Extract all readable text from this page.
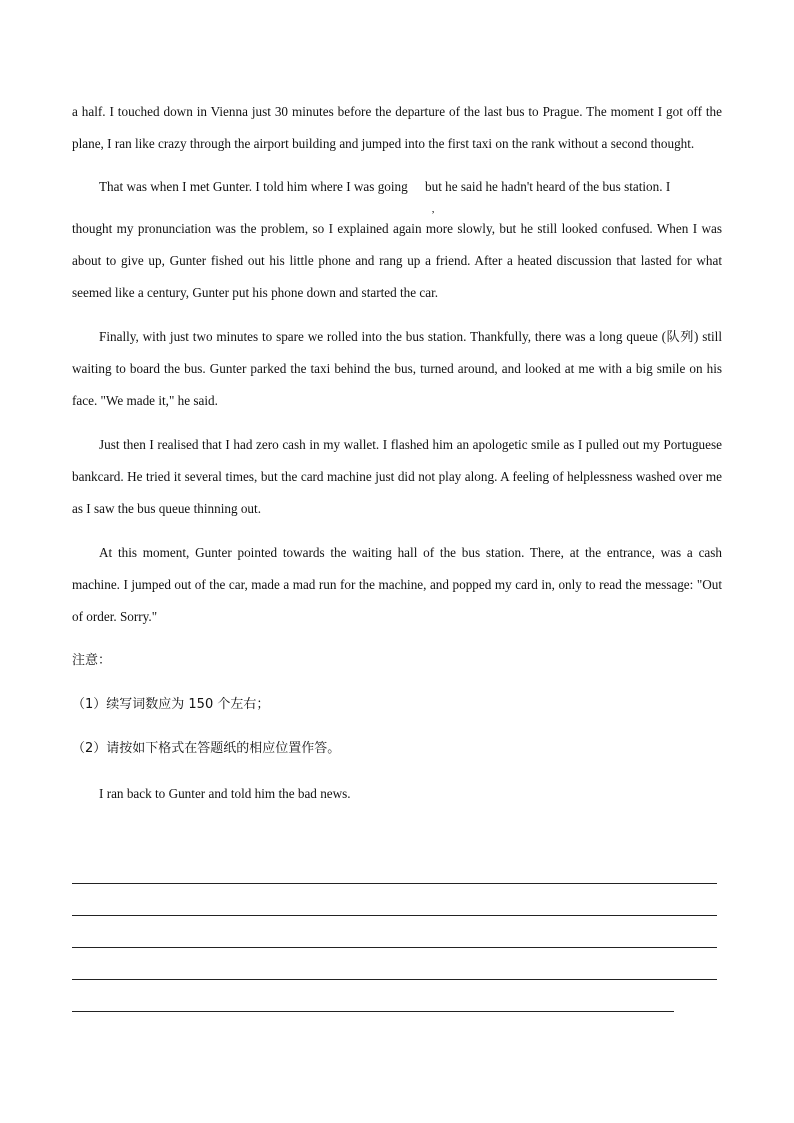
a half. I touched down in Vienna just 30 minutes before the departure of the last bus to Prague. The moment I got off the plane, I ran like crazy through the airport building and jumped into the first taxi on the rank without a second thought.

That was when I met Gunter. I told him where I was going
,
but he said he hadn't heard of the bus station. I
thought my pronunciation was the problem, so I explained again more slowly, but he still looked confused. When I was about to give up, Gunter fished out his little phone and rang up a friend. After a heated discussion that lasted for what seemed like a century, Gunter put his phone down and started the car.

Finally, with just two minutes to spare we rolled into the bus station. Thankfully, there was a long queue (队列) still waiting to board the bus. Gunter parked the taxi behind the bus, turned around, and looked at me with a big smile on his face. "We made it," he said.

Just then I realised that I had zero cash in my wallet. I flashed him an apologetic smile as I pulled out my Portuguese bankcard. He tried it several times, but the card machine just did not play along. A feeling of helplessness washed over me as I saw the bus queue thinning out.

At this moment, Gunter pointed towards the waiting hall of the bus station. There, at the entrance, was a cash machine. I jumped out of the car, made a mad run for the machine, and popped my card in, only to read the message: "Out of order. Sorry."

注意：
（1）续写词数应为 150 个左右；
（2）请按如下格式在答题纸的相应位置作答。
I ran back to Gunter and told him the bad news.
